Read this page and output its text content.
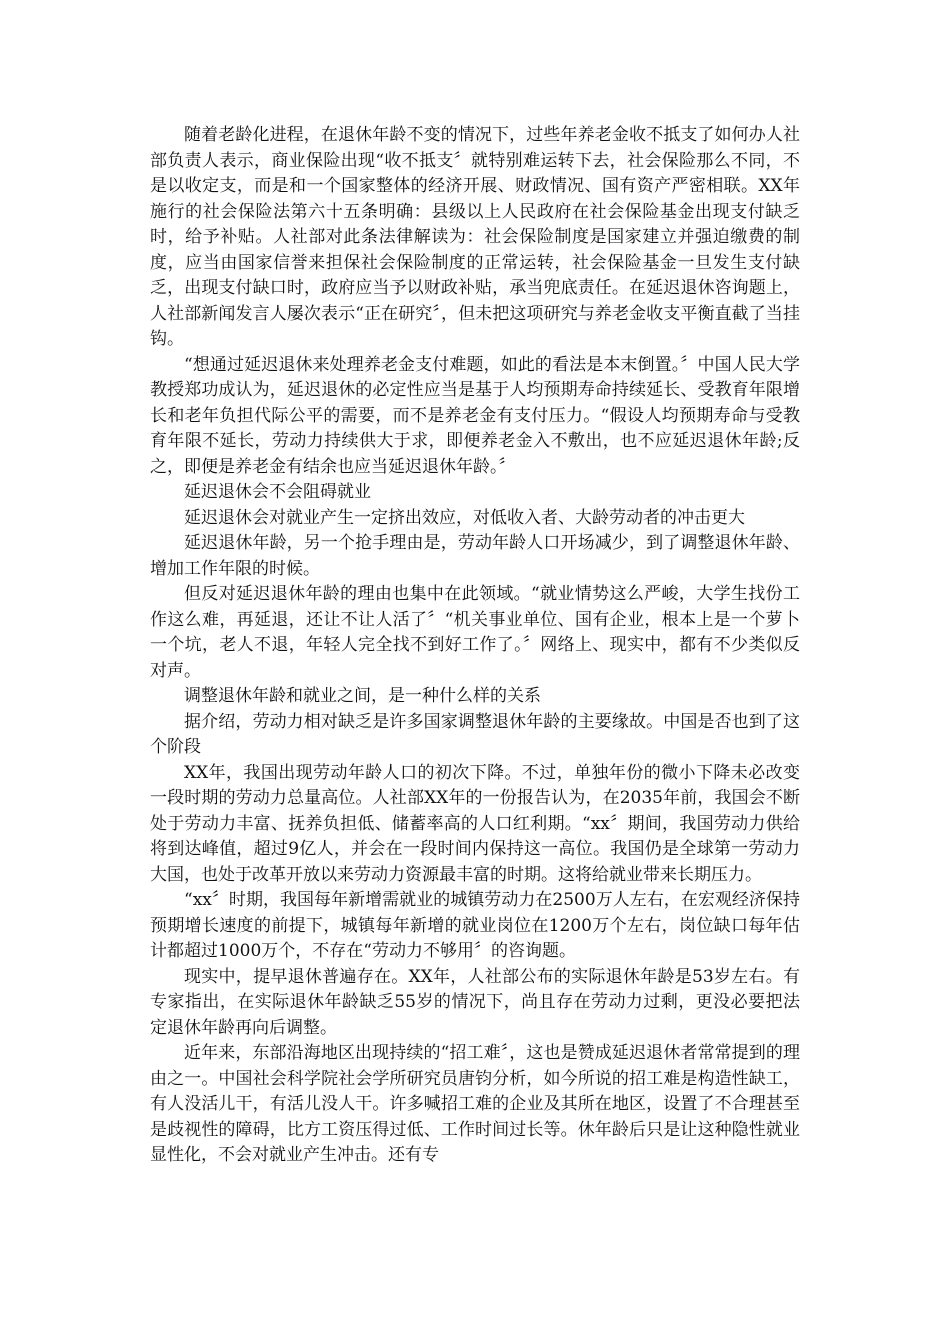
随着老龄化进程，在退休年龄不变的情况下，过些年养老金收不抵支了如何办人社部负责人表示，商业保险出现“收不抵支〞就特别难运转下去，社会保险那么不同，不是以收定支，而是和一个国家整体的经济开展、财政情况、国有资产严密相联。XX年施行的社会保险法第六十五条明确：县级以上人民政府在社会保险基金出现支付缺乏时，给予补贴。人社部对此条法律解读为：社会保险制度是国家建立并强迫缴费的制度，应当由国家信誉来担保社会保险制度的正常运转，社会保险基金一旦发生支付缺乏，出现支付缺口时，政府应当予以财政补贴，承当兜底责任。在延迟退休咨询题上，人社部新闻发言人屡次表示“正在研究〞，但未把这项研究与养老金收支平衡直截了当挂钩。

“想通过延迟退休来处理养老金支付难题，如此的看法是本末倒置。〞中国人民大学教授郑功成认为，延迟退休的必定性应当是基于人均预期寿命持续延长、受教育年限增长和老年负担代际公平的需要，而不是养老金有支付压力。“假设人均预期寿命与受教育年限不延长，劳动力持续供大于求，即便养老金入不敷出，也不应延迟退休年龄;反之，即便是养老金有结余也应当延迟退休年龄。〞

延迟退休会不会阻碍就业

延迟退休会对就业产生一定挤出效应，对低收入者、大龄劳动者的冲击更大

延迟退休年龄，另一个抢手理由是，劳动年龄人口开场减少，到了调整退休年龄、增加工作年限的时候。

但反对延迟退休年龄的理由也集中在此领域。“就业情势这么严峻，大学生找份工作这么难，再延退，还让不让人活了〞“机关事业单位、国有企业，根本上是一个萝卜一个坑，老人不退，年轻人完全找不到好工作了。〞网络上、现实中，都有不少类似反对声。

调整退休年龄和就业之间，是一种什么样的关系

据介绍，劳动力相对缺乏是许多国家调整退休年龄的主要缘故。中国是否也到了这个阶段

XX年，我国出现劳动年龄人口的初次下降。不过，单独年份的微小下降未必改变一段时期的劳动力总量高位。人社部XX年的一份报告认为，在2035年前，我国会不断处于劳动力丰富、抚养负担低、储蓄率高的人口红利期。“xx〞期间，我国劳动力供给将到达峰值，超过9亿人，并会在一段时间内保持这一高位。我国仍是全球第一劳动力大国，也处于改革开放以来劳动力资源最丰富的时期。这将给就业带来长期压力。

“xx〞时期，我国每年新增需就业的城镇劳动力在2500万人左右，在宏观经济保持预期增长速度的前提下，城镇每年新增的就业岗位在1200万个左右，岗位缺口每年估计都超过1000万个，不存在“劳动力不够用〞的咨询题。

现实中，提早退休普遍存在。XX年，人社部公布的实际退休年龄是53岁左右。有专家指出，在实际退休年龄缺乏55岁的情况下，尚且存在劳动力过剩，更没必要把法定退休年龄再向后调整。

近年来，东部沿海地区出现持续的“招工难〞，这也是赞成延迟退休者常常提到的理由之一。中国社会科学院社会学所研究员唐钧分析，如今所说的招工难是构造性缺工，有人没活儿干，有活儿没人干。许多喊招工难的企业及其所在地区，设置了不合理甚至是歧视性的障碍，比方工资压得过低、工作时间过长等。休年龄后只是让这种隐性就业显性化，不会对就业产生冲击。还有专
